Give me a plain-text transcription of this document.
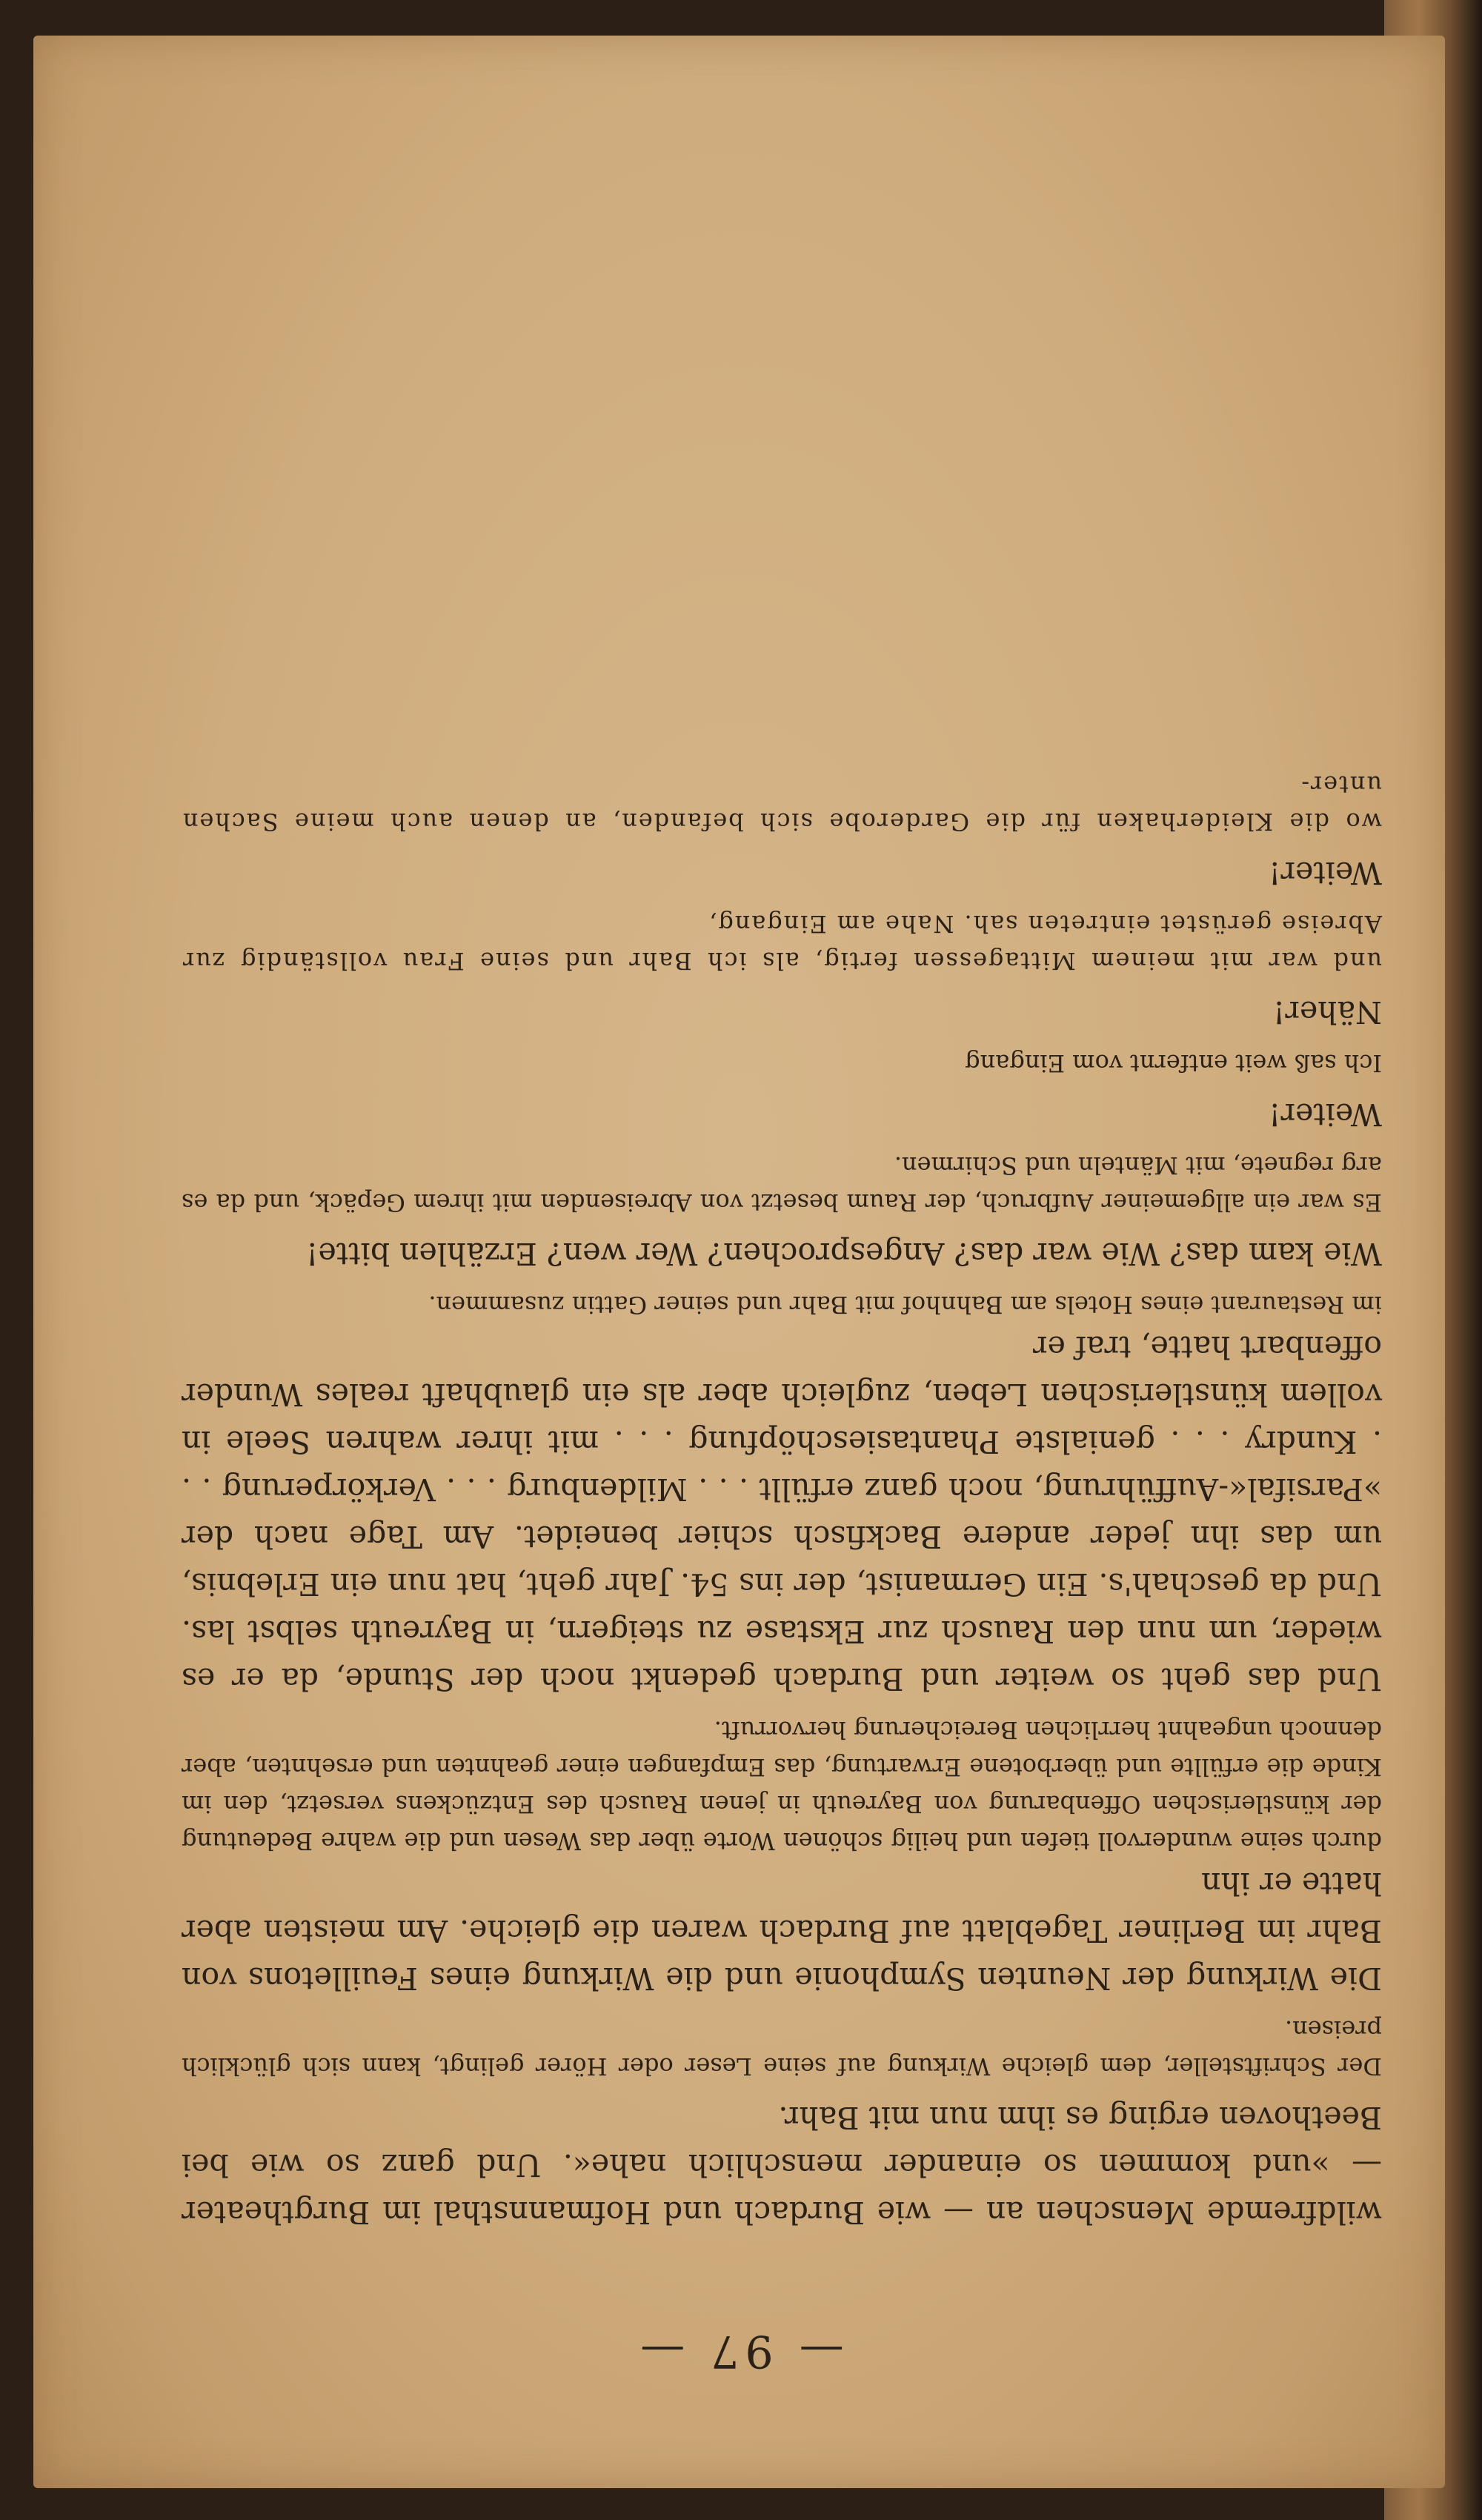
— 97 —

wildfremde Menschen an — wie Burdach und Hofmannsthal im Burgtheater — »und kommen so einander menschlich nahe«. Und ganz so wie bei Beethoven erging es ihm nun mit Bahr.

Der Schriftsteller, dem gleiche Wirkung auf seine Leser oder Hörer gelingt, kann sich glücklich preisen.

Die Wirkung der Neunten Symphonie und die Wirkung eines Feuilletons von Bahr im Berliner Tageblatt auf Burdach waren die gleiche. Am meisten aber hatte er ihn

durch seine wundervoll tiefen und heilig schönen Worte über das Wesen und die wahre Bedeutung der künstlerischen Offenbarung von Bayreuth in jenen Rausch des Entzückens versetzt, den im Kinde die erfüllte und überbotene Erwartung, das Empfangen einer geahnten und ersehnten, aber dennoch ungeahnt herrlichen Bereicherung hervorruft.

Und das geht so weiter und Burdach gedenkt noch der Stunde, da er es wieder, um nun den Rausch zur Ekstase zu steigern, in Bayreuth selbst las. Und da geschah's. Ein Germanist, der ins 54. Jahr geht, hat nun ein Erlebnis, um das ihn jeder andere Backfisch schier beneidet. Am Tage nach der »Parsifal«-Aufführung, noch ganz erfüllt . . . Mildenburg . . . Verkörperung . . . Kundry . . . genialste Phantasieschöpfung . . . mit ihrer wahren Seele in vollem künstlerischen Leben, zugleich aber als ein glaubhaft reales Wunder offenbart hatte, traf er

im Restaurant eines Hotels am Bahnhof mit Bahr und seiner Gattin zusammen.

Wie kam das? Wie war das? Angesprochen? Wer wen? Erzählen bitte!

Es war ein allgemeiner Aufbruch, der Raum besetzt von Abreisenden mit ihrem Gepäck, und da es arg regnete, mit Mänteln und Schirmen.

Weiter!

Ich saß weit entfernt vom Eingang

Näher!

und war mit meinem Mittagessen fertig, als ich Bahr und seine Frau vollständig zur Abreise gerüstet eintreten sah. Nahe am Eingang,

Weiter!

wo die Kleiderhaken für die Garderobe sich befanden, an denen auch meine Sachen unter-
